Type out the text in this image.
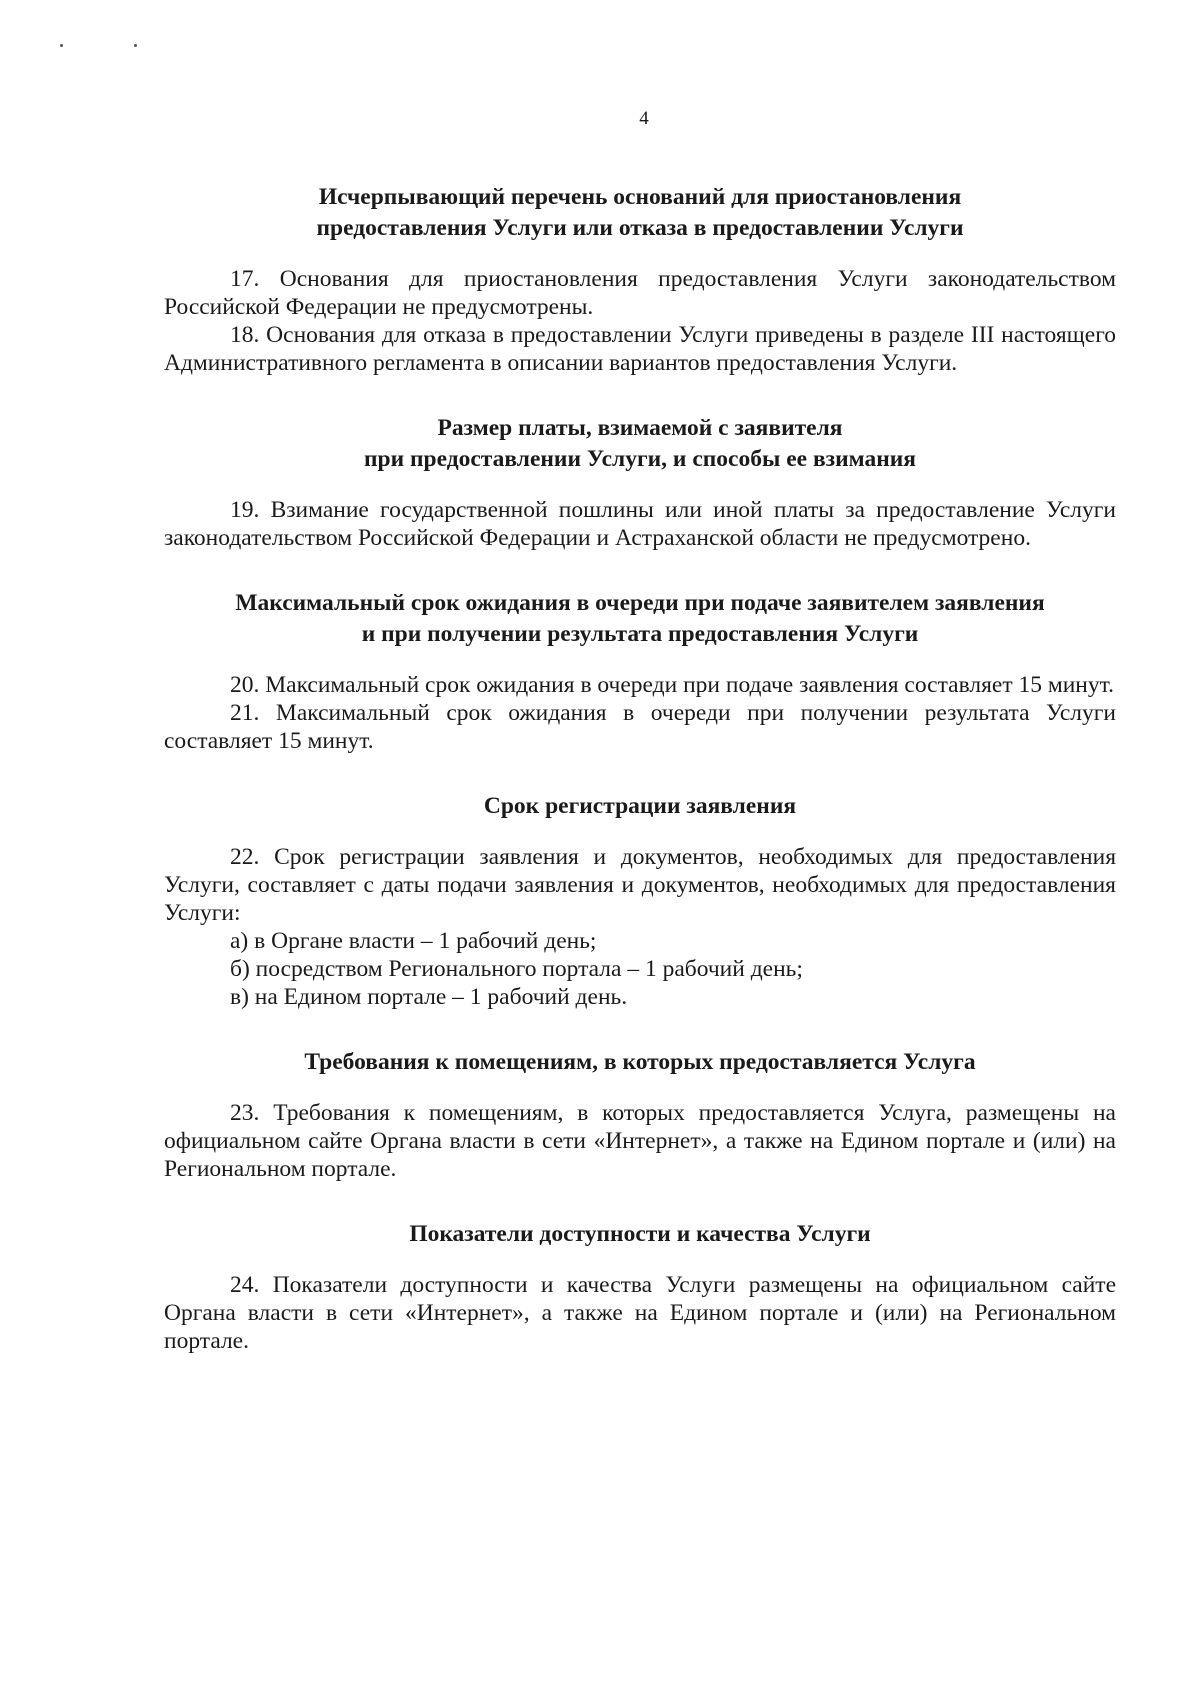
4
Исчерпывающий перечень оснований для приостановления
предоставления Услуги или отказа в предоставлении Услуги

17. Основания для приостановления предоставления Услуги законодательством Российской Федерации не предусмотрены.

18. Основания для отказа в предоставлении Услуги приведены в разделе III настоящего Административного регламента в описании вариантов предоставления Услуги.

Размер платы, взимаемой с заявителя
при предоставлении Услуги, и способы ее взимания

19. Взимание государственной пошлины или иной платы за предоставление Услуги законодательством Российской Федерации и Астраханской области не предусмотрено.

Максимальный срок ожидания в очереди при подаче заявителем заявления
и при получении результата предоставления Услуги

20. Максимальный срок ожидания в очереди при подаче заявления составляет 15 минут.

21. Максимальный срок ожидания в очереди при получении результата Услуги составляет 15 минут.

Срок регистрации заявления

22. Срок регистрации заявления и документов, необходимых для предоставления Услуги, составляет с даты подачи заявления и документов, необходимых для предоставления Услуги:

а) в Органе власти – 1 рабочий день;

б) посредством Регионального портала – 1 рабочий день;

в) на Едином портале – 1 рабочий день.

Требования к помещениям, в которых предоставляется Услуга

23. Требования к помещениям, в которых предоставляется Услуга, размещены на официальном сайте Органа власти в сети «Интернет», а также на Едином портале и (или) на Региональном портале.

Показатели доступности и качества Услуги

24. Показатели доступности и качества Услуги размещены на официальном сайте Органа власти в сети «Интернет», а также на Едином портале и (или) на Региональном портале.
